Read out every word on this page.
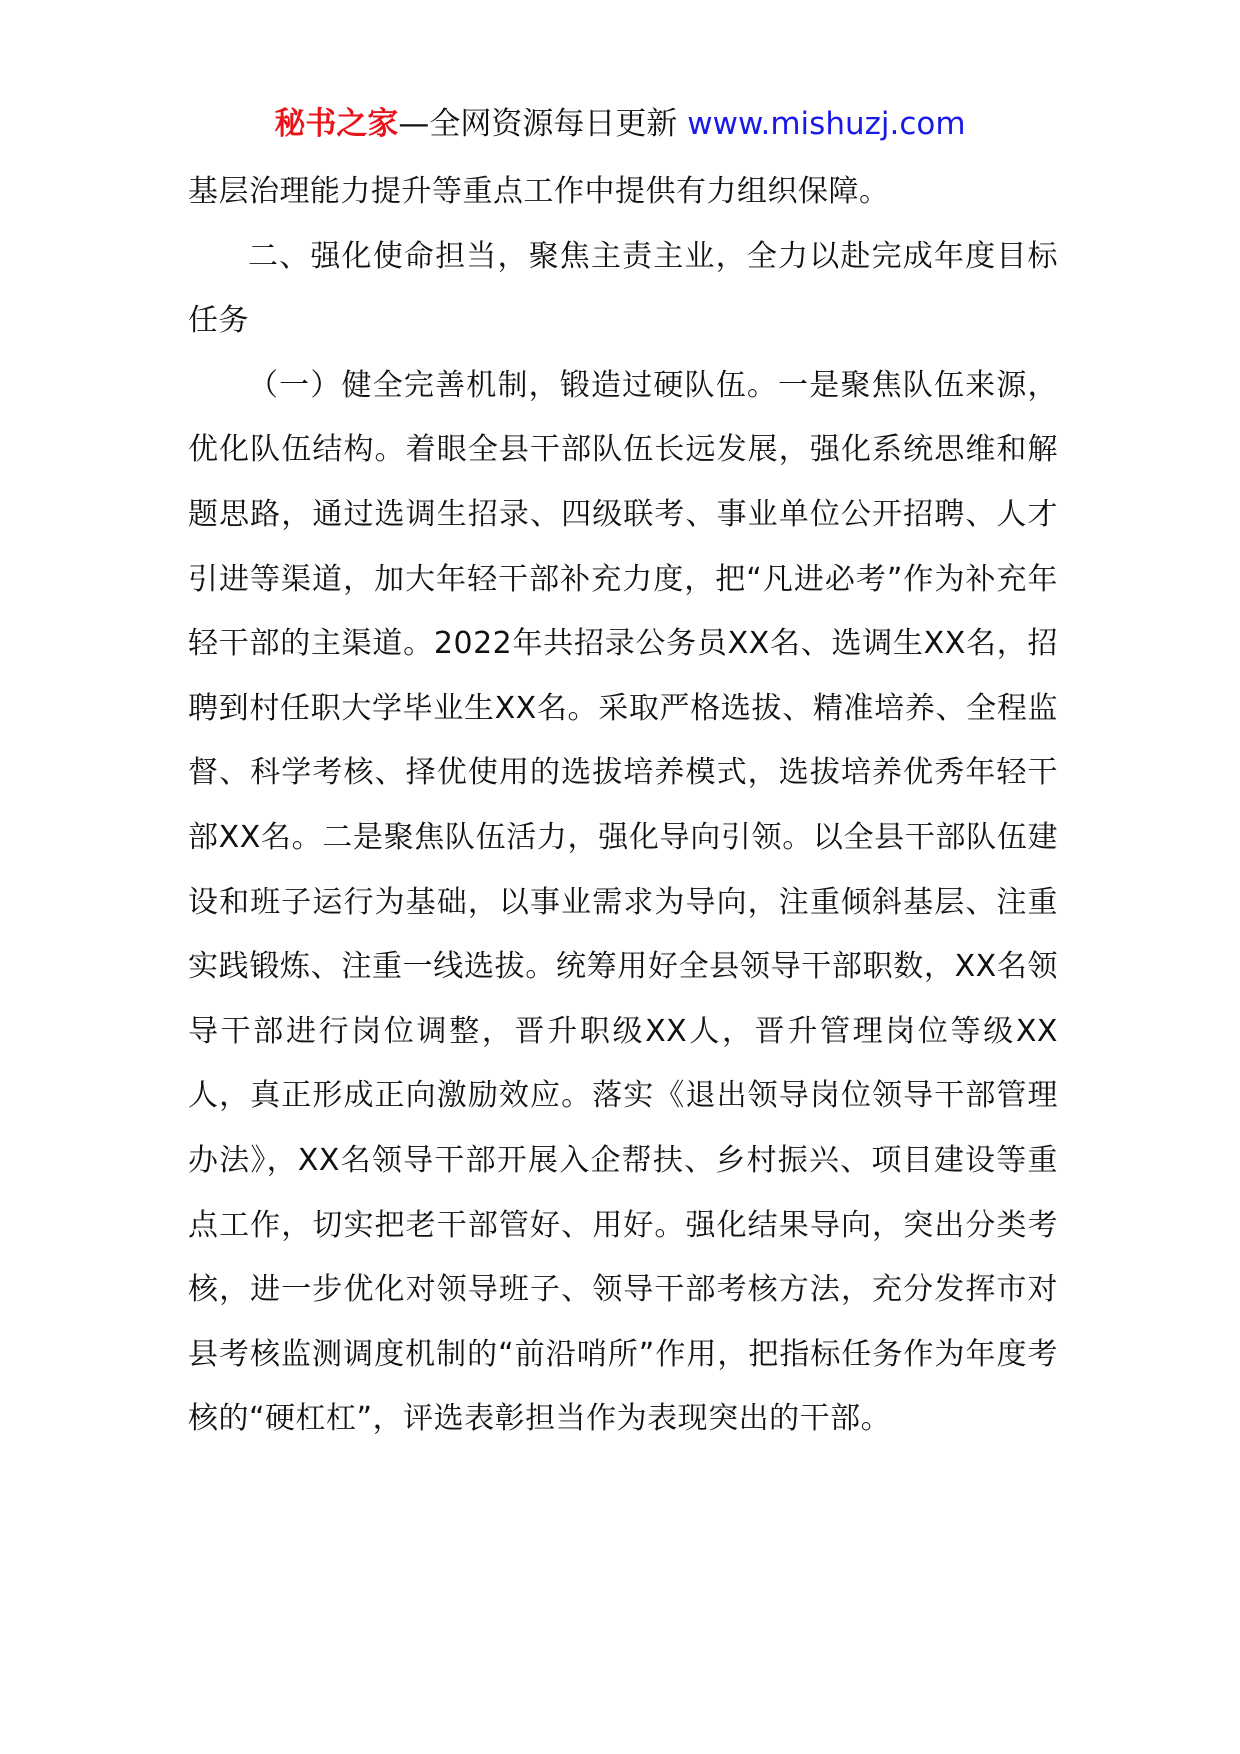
秘书之家—全网资源每日更新 www.mishuzj.com

基层治理能力提升等重点工作中提供有力组织保障。

二、强化使命担当，聚焦主责主业，全力以赴完成年度目标任务

（一）健全完善机制，锻造过硬队伍。一是聚焦队伍来源，优化队伍结构。着眼全县干部队伍长远发展，强化系统思维和解题思路，通过选调生招录、四级联考、事业单位公开招聘、人才引进等渠道，加大年轻干部补充力度，把“凡进必考”作为补充年轻干部的主渠道。2022年共招录公务员XX名、选调生XX名，招聘到村任职大学毕业生XX名。采取严格选拔、精准培养、全程监督、科学考核、择优使用的选拔培养模式，选拔培养优秀年轻干部XX名。二是聚焦队伍活力，强化导向引领。以全县干部队伍建设和班子运行为基础，以事业需求为导向，注重倾斜基层、注重实践锻炼、注重一线选拔。统筹用好全县领导干部职数，XX名领导干部进行岗位调整，晋升职级XX人，晋升管理岗位等级XX人，真正形成正向激励效应。落实《退出领导岗位领导干部管理办法》，XX名领导干部开展入企帮扶、乡村振兴、项目建设等重点工作，切实把老干部管好、用好。强化结果导向，突出分类考核，进一步优化对领导班子、领导干部考核方法，充分发挥市对县考核监测调度机制的“前沿哨所”作用，把指标任务作为年度考核的“硬杠杠”，评选表彰担当作为表现突出的干部。
